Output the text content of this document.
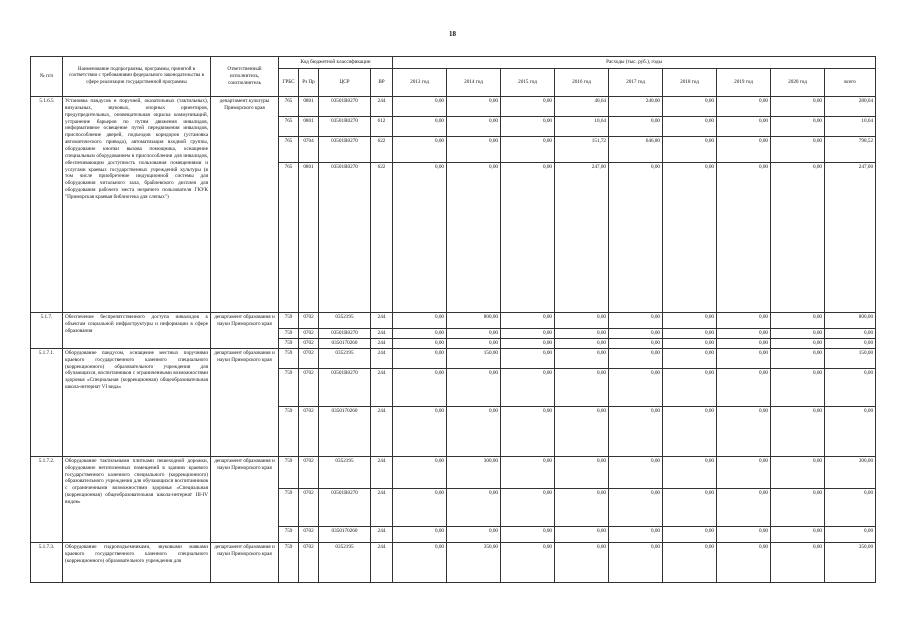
18
№ п/п	Наименование подпрограммы, программы, принятой в соответствии с требованиями федерального законодательства в сфере реализации государственной программы	Ответственный исполнитель, соисполнитель	Код бюджетной классификации				Расходы (тыс. руб.), годы								
			ГРБС	Рз Пр	ЦСР	ВР	2013 год	2014 год	2015 год	2016 год	2017 год	2018 год	2019 год	2020 год	всего
5.1.6.5	Установка пандусов и поручней, оказательных (тактильных), визуальных, звуковых, опорных ориентиров, предупредительных, оповещательная окраска коммуникаций, устранение барьеров по путям движения инвалидов, информативное освещение путей передвижения инвалидов, приспособление дверей, подъездов коридоров (установка автоматического привода), автоматизация входной группы, оборудование кнопки вызова помощника, оснащение специальным оборудованием в приспособлении для инвалидов, обеспечивающим доступность пользования помещениями и услугами краевых государственных учреждений культуры (в том числе приобретение индукционной системы для оборудования читального зала, брайлевского дисплея для оборудования рабочего места незрячего пользователя ГКУК "Приморская краевая библиотека для слепых")	департамент культуры Приморского края	765	0801	03501R0270	244	0,00	0,00	0,00	40,64	240,00	0,00	0,00	0,00	280,64
			765	0801	03501R0270	612	0,00	0,00	0,00	10,64	0,00	0,00	0,00	0,00	10,64
			765	0704	03501R0270	622	0,00	0,00	0,00	151,72	646,80	0,00	0,00	0,00	798,52
			765	0801	03501R0270	622	0,00	0,00	0,00	247,00	0,00	0,00	0,00	0,00	247,00
5.1.7.	Обеспечение беспрепятственного доступа инвалидов к объектам социальной инфраструктуры и информации в сфере образования	департамент образования и науки Приморского края	759	0702	0352195	244	0,00	800,00	0,00	0,00	0,00	0,00	0,00	0,00	800,00
			759	0702	03501R0270	244	0,00	0,00	0,00	0,00	0,00	0,00	0,00	0,00	0,00
			759	0702	0350170260	244	0,00	0,00	0,00	0,00	0,00	0,00	0,00	0,00	0,00
5.1.7.1.	Оборудование пандусом, оснащение местных поручнями краевого государственного казенного специального (коррекционного) образовательного учреждения для обучающихся, воспитанников с ограниченными возможностями здоровья «Специальная (коррекционная) общеобразовательная школа-интернат VI вида»	департамент образования и науки Приморского края	759	0702	0352195	244	0,00	150,00	0,00	0,00	0,00	0,00	0,00	0,00	150,00
			759	0702	03501R0270	244	0,00	0,00	0,00	0,00	0,00	0,00	0,00	0,00	0,00
			759	0702	0350170260	244	0,00	0,00	0,00	0,00	0,00	0,00	0,00	0,00	0,00
5.1.7.2.	Оборудование тактильными плитками пешеходной дорожки, оборудование нетипоземных помещений в зданиях краевого государственного казенного специального (коррекционного) образовательного учреждения для обучающихся воспитанников с ограниченными возможностями здоровья «Специальная (коррекционная) общеобразовательная школа-интернат III-IV видов»	департамент образования и науки Приморского края	759	0702	0352195	244	0,00	300,00	0,00	0,00	0,00	0,00	0,00	0,00	300,00
			759	0702	03501R0270	244	0,00	0,00	0,00	0,00	0,00	0,00	0,00	0,00	0,00
			759	0702	0350170260	244	0,00	0,00	0,00	0,00	0,00	0,00	0,00	0,00	0,00
5.1.7.3.	Оборудование гидроподъемниками, звуковыми маяками краевого государственного казенного специального (коррекционного) образовательного учреждения для	департамент образования и науки Приморского края	759	0702	0352195	244	0,00	350,00	0,00	0,00	0,00	0,00	0,00	0,00	350,00
